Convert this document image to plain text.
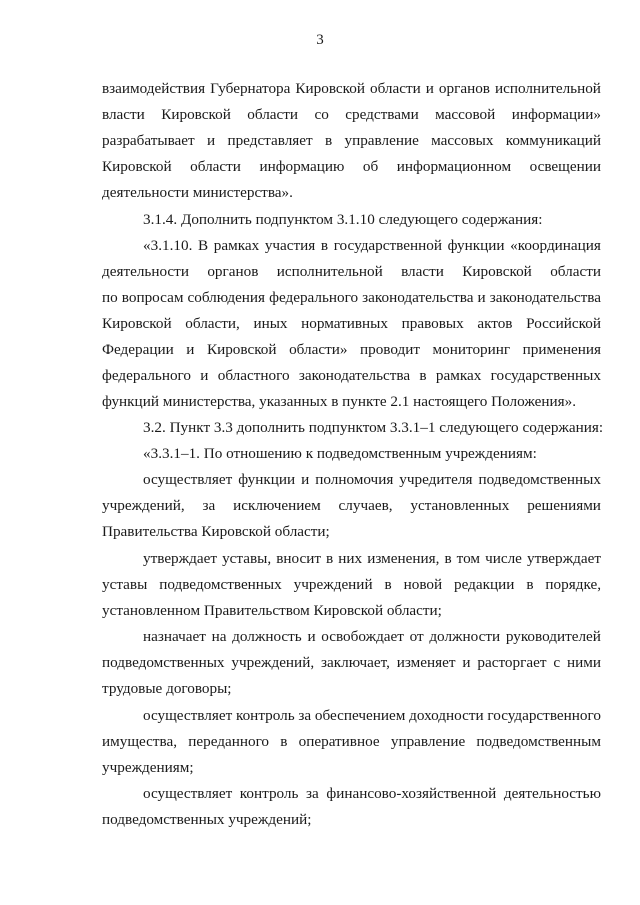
3
взаимодействия Губернатора Кировской области и органов исполнительной
власти Кировской области со средствами массовой информации»
разрабатывает и представляет в управление массовых коммуникаций
Кировской области информацию об информационном освещении
деятельности министерства».
3.1.4. Дополнить подпунктом 3.1.10 следующего содержания:
«3.1.10. В рамках участия в государственной функции «координация
деятельности органов исполнительной власти Кировской области
по вопросам соблюдения федерального законодательства и законодательства
Кировской области, иных нормативных правовых актов Российской
Федерации и Кировской области» проводит мониторинг применения
федерального и областного законодательства в рамках государственных
функций министерства, указанных в пункте 2.1 настоящего Положения».
3.2. Пункт 3.3 дополнить подпунктом 3.3.1–1 следующего содержания:
«3.3.1–1. По отношению к подведомственным учреждениям:
осуществляет функции и полномочия учредителя подведомственных
учреждений, за исключением случаев, установленных решениями
Правительства Кировской области;
утверждает уставы, вносит в них изменения, в том числе утверждает
уставы подведомственных учреждений в новой редакции в порядке,
установленном Правительством Кировской области;
назначает на должность и освобождает от должности руководителей
подведомственных учреждений, заключает, изменяет и расторгает с ними
трудовые договоры;
осуществляет контроль за обеспечением доходности государственного
имущества, переданного в оперативное управление подведомственным
учреждениям;
осуществляет контроль за финансово-хозяйственной деятельностью
подведомственных учреждений;
